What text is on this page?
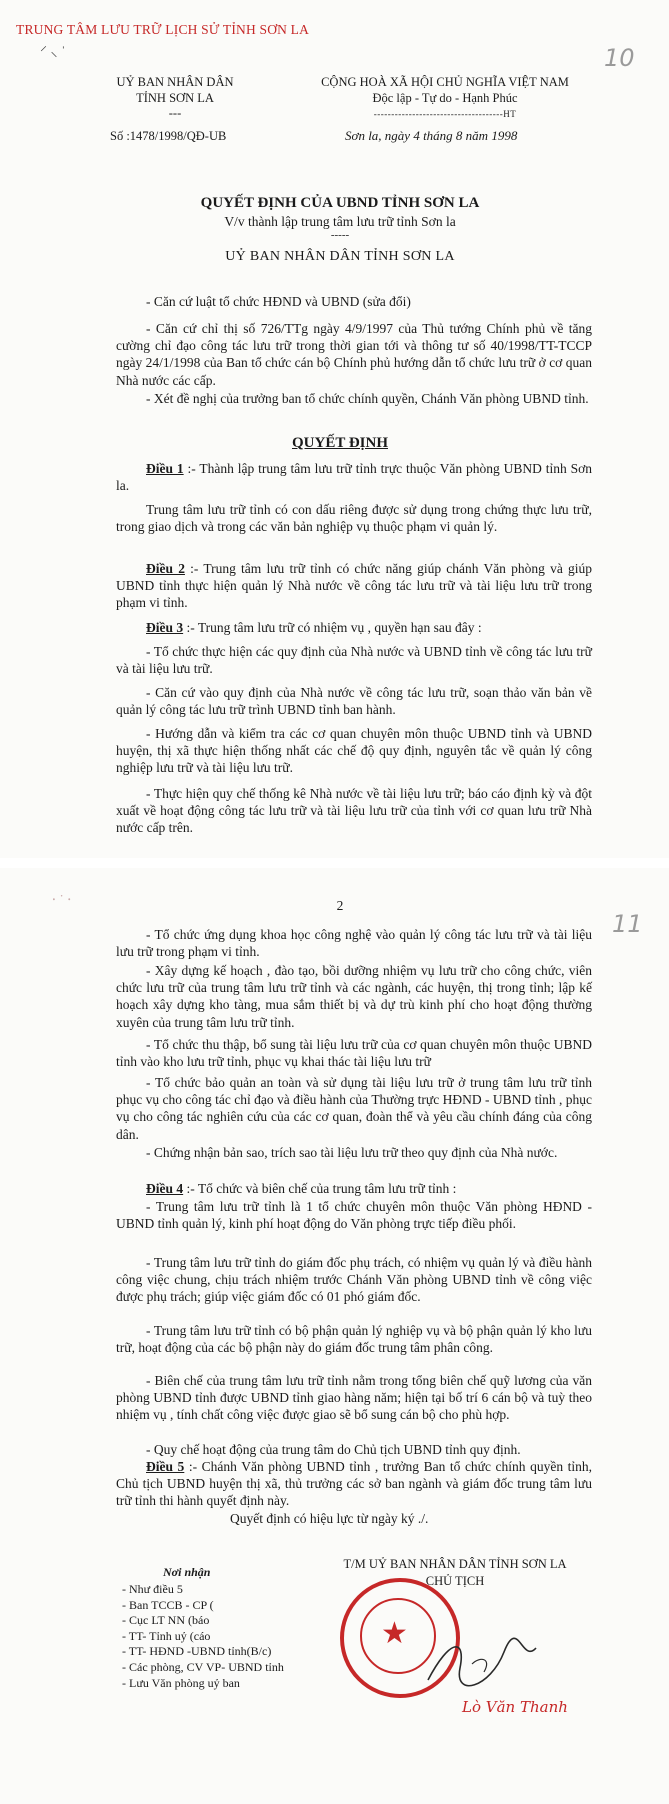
TRUNG TÂM LƯU TRỮ LỊCH SỬ TỈNH SƠN LA

10
⸍ ⸜ ˈ
UỶ BAN NHÂN DÂN
TỈNH SƠN LA
---

Số :1478/1998/QĐ-UB

CỘNG HOÀ XÃ HỘI CHỦ NGHĨA VIỆT NAM
Độc lập - Tự do - Hạnh Phúc
-------------------------------------HT

Sơn la, ngày 4 tháng 8 năm 1998

QUYẾT ĐỊNH CỦA UBND TỈNH SƠN LA

V/v thành lập trung tâm lưu trữ tỉnh Sơn la

-----

UỶ BAN NHÂN DÂN TỈNH SƠN LA

- Căn cứ luật tổ chức HĐND và UBND (sửa đổi)

- Căn cứ chỉ thị số 726/TTg ngày 4/9/1997 của Thủ tướng Chính phủ về tăng cường chỉ đạo công tác lưu trữ trong thời gian tới và thông tư số 40/1998/TT-TCCP ngày 24/1/1998 của Ban tổ chức cán bộ Chính phủ hướng dẫn tổ chức lưu trữ ở cơ quan Nhà nước các cấp.

- Xét đề nghị của trưởng ban tổ chức chính quyền, Chánh Văn phòng UBND tỉnh.

QUYẾT ĐỊNH

Điều 1 :- Thành lập trung tâm lưu trữ tỉnh trực thuộc Văn phòng UBND tỉnh Sơn la.

Trung tâm lưu trữ tỉnh có con dấu riêng được sử dụng trong chứng thực lưu trữ, trong giao dịch và trong các văn bản nghiệp vụ thuộc phạm vi quản lý.

Điều 2 :- Trung tâm lưu trữ tỉnh có chức năng giúp chánh Văn phòng và giúp UBND tỉnh thực hiện quản lý Nhà nước về công tác lưu trữ và tài liệu lưu trữ trong phạm vi tỉnh.

Điều 3 :- Trung tâm lưu trữ có nhiệm vụ , quyền hạn sau đây :

- Tổ chức thực hiện các quy định của Nhà nước và UBND tỉnh về công tác lưu trữ và tài liệu lưu trữ.

- Căn cứ vào quy định của Nhà nước về công tác lưu trữ, soạn thảo văn bản về quản lý công tác lưu trữ trình UBND tỉnh ban hành.

- Hướng dẫn và kiểm tra các cơ quan chuyên môn thuộc UBND tỉnh và UBND huyện, thị xã thực hiện thống nhất các chế độ quy định, nguyên tắc về quản lý công nghiệp lưu trữ và tài liệu lưu trữ.

- Thực hiện quy chế thống kê Nhà nước về tài liệu lưu trữ; báo cáo định kỳ và đột xuất về hoạt động công tác lưu trữ và tài liệu lưu trữ của tỉnh với cơ quan lưu trữ Nhà nước cấp trên.

11
⸱ ˙ ⸱	2

- Tổ chức ứng dụng khoa học công nghệ vào quản lý công tác lưu trữ và tài liệu lưu trữ trong phạm vi tỉnh.

- Xây dựng kế hoạch , đào tạo, bồi dưỡng nhiệm vụ lưu trữ cho công chức, viên chức lưu trữ của trung tâm lưu trữ tỉnh và các ngành, các huyện, thị trong tỉnh; lập kế hoạch xây dựng kho tàng, mua sắm thiết bị và dự trù kinh phí cho hoạt động thường xuyên của trung tâm lưu trữ tỉnh.

- Tổ chức thu thập, bổ sung tài liệu lưu trữ của cơ quan chuyên môn thuộc UBND tỉnh vào kho lưu trữ tỉnh, phục vụ khai thác tài liệu lưu trữ

- Tổ chức bảo quản an toàn và sử dụng tài liệu lưu trữ ở trung tâm lưu trữ tỉnh phục vụ cho công tác chỉ đạo và điều hành của Thường trực HĐND - UBND tỉnh , phục vụ cho công tác nghiên cứu của các cơ quan, đoàn thể và yêu cầu chính đáng của công dân.

- Chứng nhận bản sao, trích sao tài liệu lưu trữ theo quy định của Nhà nước.

Điều 4 :- Tổ chức và biên chế của trung tâm lưu trữ tỉnh :

- Trung tâm lưu trữ tỉnh là 1 tổ chức chuyên môn thuộc Văn phòng HĐND - UBND tỉnh quản lý, kinh phí hoạt động do Văn phòng trực tiếp điều phối.

- Trung tâm lưu trữ tỉnh do giám đốc phụ trách, có nhiệm vụ quản lý và điều hành công việc chung, chịu trách nhiệm trước Chánh Văn phòng UBND tỉnh về công việc được phụ trách; giúp việc giám đốc có 01 phó giám đốc.

- Trung tâm lưu trữ tỉnh có bộ phận quản lý nghiệp vụ và bộ phận quản lý kho lưu trữ, hoạt động của các bộ phận này do giám đốc trung tâm phân công.

- Biên chế của trung tâm lưu trữ tỉnh nằm trong tổng biên chế quỹ lương của văn phòng UBND tỉnh được UBND tỉnh giao hàng năm; hiện tại bố trí 6 cán bộ và tuỳ theo nhiệm vụ , tính chất công việc được giao sẽ bổ sung cán bộ cho phù hợp.

- Quy chế hoạt động của trung tâm do Chủ tịch UBND tỉnh quy định.

Điều 5 :- Chánh Văn phòng UBND tỉnh , trưởng Ban tổ chức chính quyền tỉnh, Chủ tịch UBND huyện thị xã, thủ trưởng các sở ban ngành và giám đốc trung tâm lưu trữ tỉnh thi hành quyết định này.

Quyết định có hiệu lực từ ngày ký ./.

Nơi nhận

- Như điều 5
- Ban TCCB - CP (
- Cục LT NN (báo
- TT- Tỉnh uỷ (cáo
- TT- HĐND -UBND tỉnh(B/c)
- Các phòng, CV VP- UBND tỉnh
- Lưu Văn phòng uỷ ban

T/M UỶ BAN NHÂN DÂN TỈNH SƠN LA

CHỦ TỊCH

★

Lò Văn Thanh
